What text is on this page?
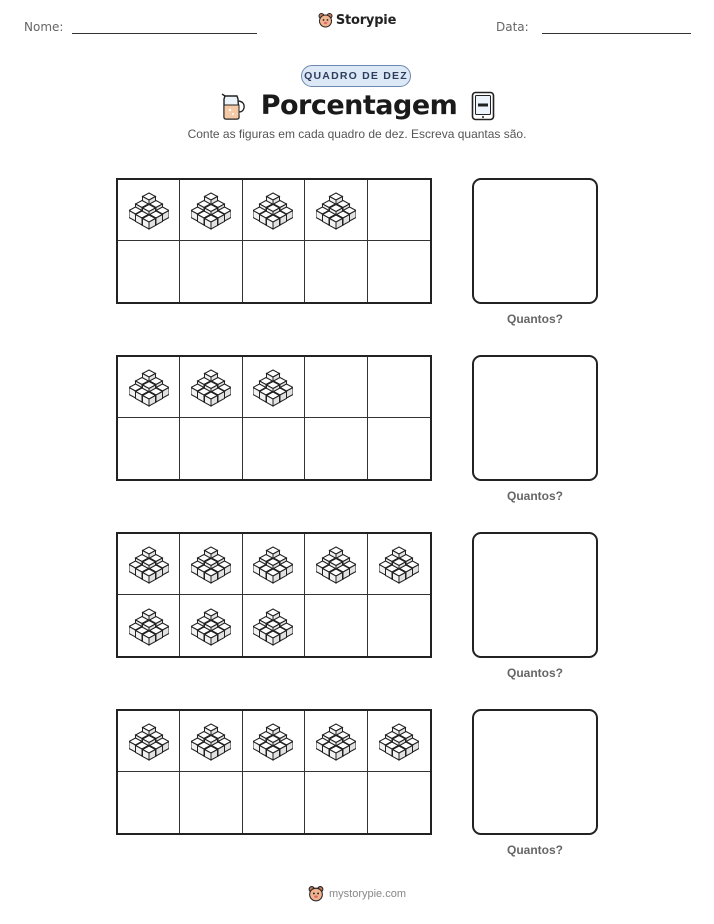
Nome:	Storypie	Data:
QUADRO DE DEZ
Porcentagem
Conte as figuras em cada quadro de dez. Escreva quantas são.
Quantos?
Quantos?
Quantos?
Quantos?
mystorypie.com
